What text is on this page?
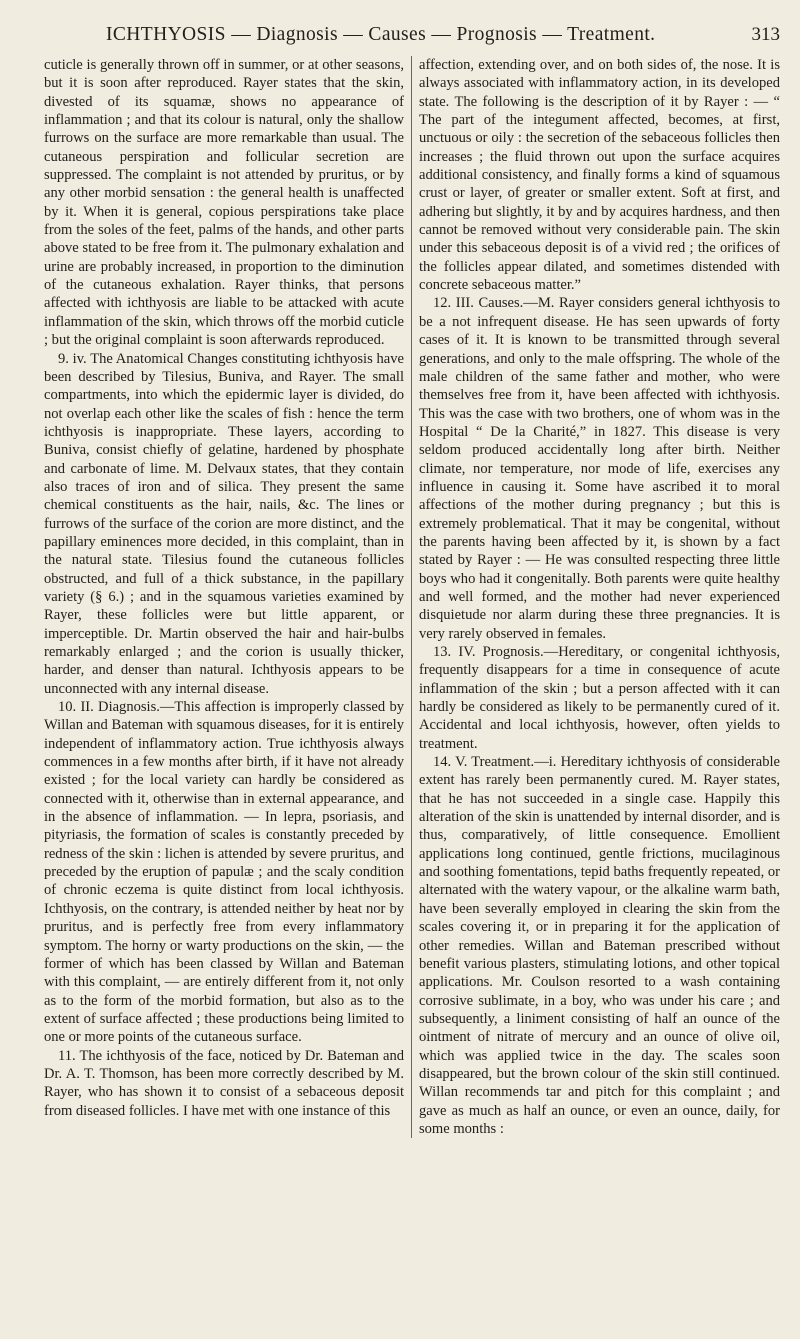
ICHTHYOSIS — Diagnosis — Causes — Prognosis — Treatment.	313

cuticle is generally thrown off in summer, or at other seasons, but it is soon after reproduced. Rayer states that the skin, divested of its squamæ, shows no appearance of inflammation ; and that its colour is natural, only the shallow furrows on the surface are more remarkable than usual. The cutaneous perspiration and follicular secretion are suppressed. The complaint is not attended by pruritus, or by any other morbid sensation : the general health is unaffected by it. When it is general, copious perspirations take place from the soles of the feet, palms of the hands, and other parts above stated to be free from it. The pulmonary exhalation and urine are probably increased, in proportion to the diminution of the cutaneous exhalation. Rayer thinks, that persons affected with ichthyosis are liable to be attacked with acute inflammation of the skin, which throws off the morbid cuticle ; but the original complaint is soon afterwards reproduced.

9. iv. The Anatomical Changes constituting ichthyosis have been described by Tilesius, Buniva, and Rayer. The small compartments, into which the epidermic layer is divided, do not overlap each other like the scales of fish : hence the term ichthyosis is inappropriate. These layers, according to Buniva, consist chiefly of gelatine, hardened by phosphate and carbonate of lime. M. Delvaux states, that they contain also traces of iron and of silica. They present the same chemical constituents as the hair, nails, &c. The lines or furrows of the surface of the corion are more distinct, and the papillary eminences more decided, in this complaint, than in the natural state. Tilesius found the cutaneous follicles obstructed, and full of a thick substance, in the papillary variety (§ 6.) ; and in the squamous varieties examined by Rayer, these follicles were but little apparent, or imperceptible. Dr. Martin observed the hair and hair-bulbs remarkably enlarged ; and the corion is usually thicker, harder, and denser than natural. Ichthyosis appears to be unconnected with any internal disease.

10. II. Diagnosis.—This affection is improperly classed by Willan and Bateman with squamous diseases, for it is entirely independent of inflammatory action. True ichthyosis always commences in a few months after birth, if it have not already existed ; for the local variety can hardly be considered as connected with it, otherwise than in external appearance, and in the absence of inflammation. — In lepra, psoriasis, and pityriasis, the formation of scales is constantly preceded by redness of the skin : lichen is attended by severe pruritus, and preceded by the eruption of papulæ ; and the scaly condition of chronic eczema is quite distinct from local ichthyosis. Ichthyosis, on the contrary, is attended neither by heat nor by pruritus, and is perfectly free from every inflammatory symptom. The horny or warty productions on the skin, — the former of which has been classed by Willan and Bateman with this complaint, — are entirely different from it, not only as to the form of the morbid formation, but also as to the extent of surface affected ; these productions being limited to one or more points of the cutaneous surface.

11. The ichthyosis of the face, noticed by Dr. Bateman and Dr. A. T. Thomson, has been more correctly described by M. Rayer, who has shown it to consist of a sebaceous deposit from diseased follicles. I have met with one instance of this

affection, extending over, and on both sides of, the nose. It is always associated with inflammatory action, in its developed state. The following is the description of it by Rayer : — “ The part of the integument affected, becomes, at first, unctuous or oily : the secretion of the sebaceous follicles then increases ; the fluid thrown out upon the surface acquires additional consistency, and finally forms a kind of squamous crust or layer, of greater or smaller extent. Soft at first, and adhering but slightly, it by and by acquires hardness, and then cannot be removed without very considerable pain. The skin under this sebaceous deposit is of a vivid red ; the orifices of the follicles appear dilated, and sometimes distended with concrete sebaceous matter.”

12. III. Causes.—M. Rayer considers general ichthyosis to be a not infrequent disease. He has seen upwards of forty cases of it. It is known to be transmitted through several generations, and only to the male offspring. The whole of the male children of the same father and mother, who were themselves free from it, have been affected with ichthyosis. This was the case with two brothers, one of whom was in the Hospital “ De la Charité,” in 1827. This disease is very seldom produced accidentally long after birth. Neither climate, nor temperature, nor mode of life, exercises any influence in causing it. Some have ascribed it to moral affections of the mother during pregnancy ; but this is extremely problematical. That it may be congenital, without the parents having been affected by it, is shown by a fact stated by Rayer : — He was consulted respecting three little boys who had it congenitally. Both parents were quite healthy and well formed, and the mother had never experienced disquietude nor alarm during these three pregnancies. It is very rarely observed in females.

13. IV. Prognosis.—Hereditary, or congenital ichthyosis, frequently disappears for a time in consequence of acute inflammation of the skin ; but a person affected with it can hardly be considered as likely to be permanently cured of it. Accidental and local ichthyosis, however, often yields to treatment.

14. V. Treatment.—i. Hereditary ichthyosis of considerable extent has rarely been permanently cured. M. Rayer states, that he has not succeeded in a single case. Happily this alteration of the skin is unattended by internal disorder, and is thus, comparatively, of little consequence. Emollient applications long continued, gentle frictions, mucilaginous and soothing fomentations, tepid baths frequently repeated, or alternated with the watery vapour, or the alkaline warm bath, have been severally employed in clearing the skin from the scales covering it, or in preparing it for the application of other remedies. Willan and Bateman prescribed without benefit various plasters, stimulating lotions, and other topical applications. Mr. Coulson resorted to a wash containing corrosive sublimate, in a boy, who was under his care ; and subsequently, a liniment consisting of half an ounce of the ointment of nitrate of mercury and an ounce of olive oil, which was applied twice in the day. The scales soon disappeared, but the brown colour of the skin still continued. Willan recommends tar and pitch for this complaint ; and gave as much as half an ounce, or even an ounce, daily, for some months :
